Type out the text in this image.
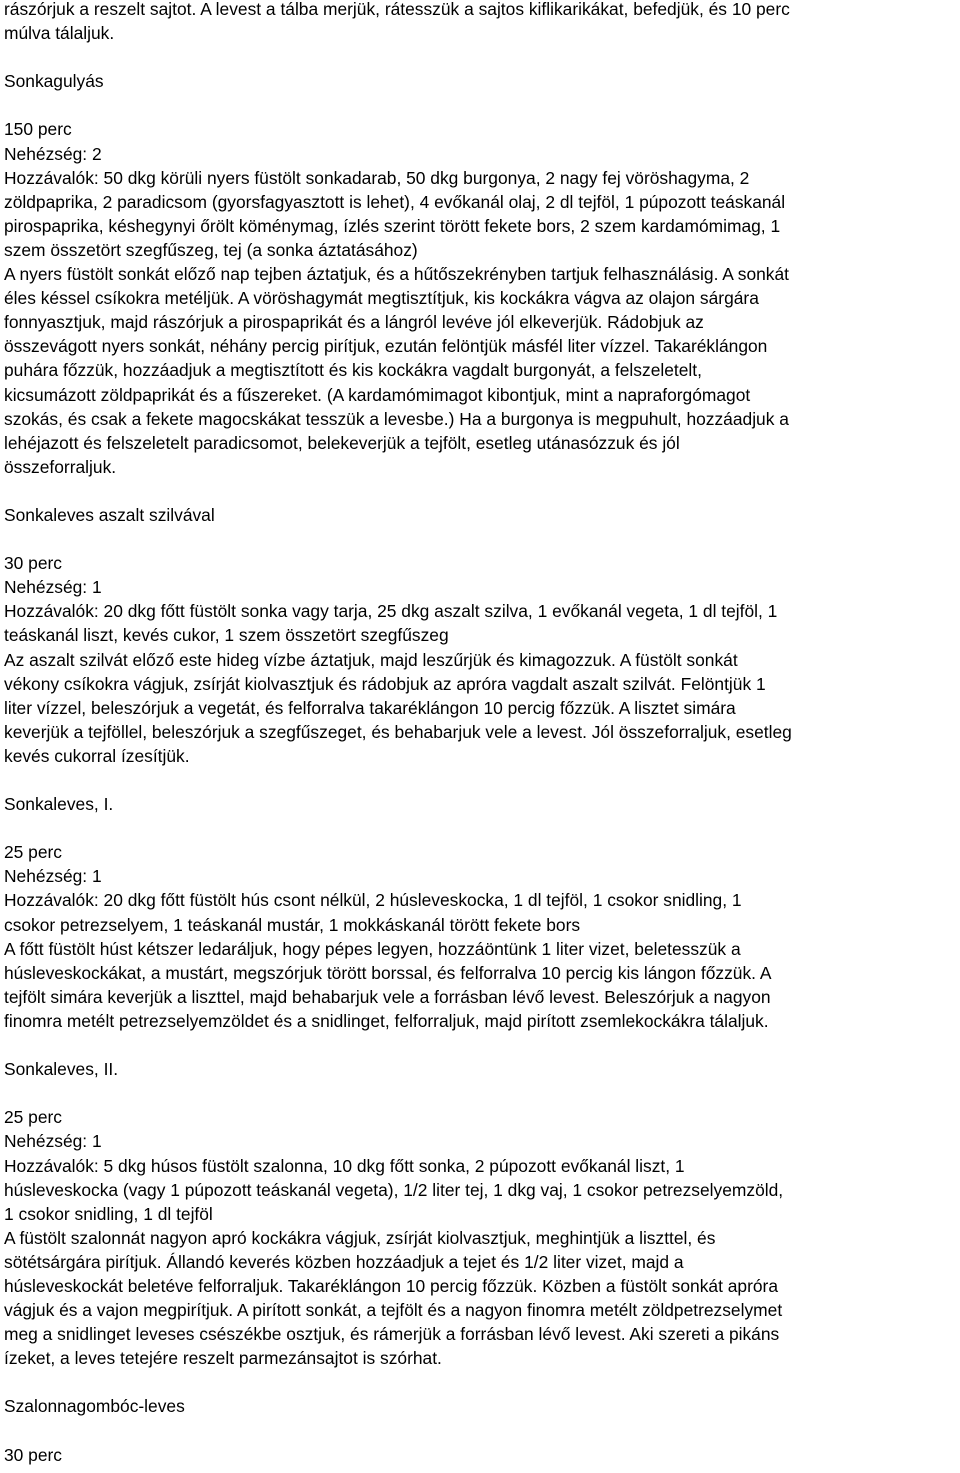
rászórjuk a reszelt sajtot. A levest a tálba merjük, rátesszük a sajtos kiflikarikákat, befedjük, és 10 perc
múlva tálaljuk.
Sonkagulyás
150 perc
Nehézség: 2
Hozzávalók: 50 dkg körüli nyers füstölt sonkadarab, 50 dkg burgonya, 2 nagy fej vöröshagyma, 2
zöldpaprika, 2 paradicsom (gyorsfagyasztott is lehet), 4 evőkanál olaj, 2 dl tejföl, 1 púpozott teáskanál
pirospaprika, késhegynyi őrölt köménymag, ízlés szerint törött fekete bors, 2 szem kardamómimag, 1
szem összetört szegfűszeg, tej (a sonka áztatásához)
A nyers füstölt sonkát előző nap tejben áztatjuk, és a hűtőszekrényben tartjuk felhasználásig. A sonkát
éles késsel csíkokra metéljük. A vöröshagymát megtisztítjuk, kis kockákra vágva az olajon sárgára
fonnyasztjuk, majd rászórjuk a pirospaprikát és a lángról levéve jól elkeverjük. Rádobjuk az
összevágott nyers sonkát, néhány percig pirítjuk, ezután felöntjük másfél liter vízzel. Takaréklángon
puhára főzzük, hozzáadjuk a megtisztított és kis kockákra vagdalt burgonyát, a felszeletelt,
kicsumázott zöldpaprikát és a fűszereket. (A kardamómimagot kibontjuk, mint a napraforgómagot
szokás, és csak a fekete magocskákat tesszük a levesbe.) Ha a burgonya is megpuhult, hozzáadjuk a
lehéjazott és felszeletelt paradicsomot, belekeverjük a tejfölt, esetleg utánasózzuk és jól
összeforraljuk.
Sonkaleves aszalt szilvával
30 perc
Nehézség: 1
Hozzávalók: 20 dkg főtt füstölt sonka vagy tarja, 25 dkg aszalt szilva, 1 evőkanál vegeta, 1 dl tejföl, 1
teáskanál liszt, kevés cukor, 1 szem összetört szegfűszeg
Az aszalt szilvát előző este hideg vízbe áztatjuk, majd leszűrjük és kimagozzuk. A füstölt sonkát
vékony csíkokra vágjuk, zsírját kiolvasztjuk és rádobjuk az apróra vagdalt aszalt szilvát. Felöntjük 1
liter vízzel, beleszórjuk a vegetát, és felforralva takaréklángon 10 percig főzzük. A lisztet simára
keverjük a tejföllel, beleszórjuk a szegfűszeget, és behabarjuk vele a levest. Jól összeforraljuk, esetleg
kevés cukorral ízesítjük.
Sonkaleves, I.
25 perc
Nehézség: 1
Hozzávalók: 20 dkg főtt füstölt hús csont nélkül, 2 húsleveskocka, 1 dl tejföl, 1 csokor snidling, 1
csokor petrezselyem, 1 teáskanál mustár, 1 mokkáskanál törött fekete bors
A főtt füstölt húst kétszer ledaráljuk, hogy pépes legyen, hozzáöntünk 1 liter vizet, beletesszük a
húsleveskockákat, a mustárt, megszórjuk törött borssal, és felforralva 10 percig kis lángon főzzük. A
tejfölt simára keverjük a liszttel, majd behabarjuk vele a forrásban lévő levest. Beleszórjuk a nagyon
finomra metélt petrezselyemzöldet és a snidlinget, felforraljuk, majd pirított zsemlekockákra tálaljuk.
Sonkaleves, II.
25 perc
Nehézség: 1
Hozzávalók: 5 dkg húsos füstölt szalonna, 10 dkg főtt sonka, 2 púpozott evőkanál liszt, 1
húsleveskocka (vagy 1 púpozott teáskanál vegeta), 1/2 liter tej, 1 dkg vaj, 1 csokor petrezselyemzöld,
1 csokor snidling, 1 dl tejföl
A füstölt szalonnát nagyon apró kockákra vágjuk, zsírját kiolvasztjuk, meghintjük a liszttel, és
sötétsárgára pirítjuk. Állandó keverés közben hozzáadjuk a tejet és 1/2 liter vizet, majd a
húsleveskockát beletéve felforraljuk. Takaréklángon 10 percig főzzük. Közben a füstölt sonkát apróra
vágjuk és a vajon megpirítjuk. A pirított sonkát, a tejfölt és a nagyon finomra metélt zöldpetrezselymet
meg a snidlinget leveses csészékbe osztjuk, és rámerjük a forrásban lévő levest. Aki szereti a pikáns
ízeket, a leves tetejére reszelt parmezánsajtot is szórhat.
Szalonnagombóc-leves
30 perc
